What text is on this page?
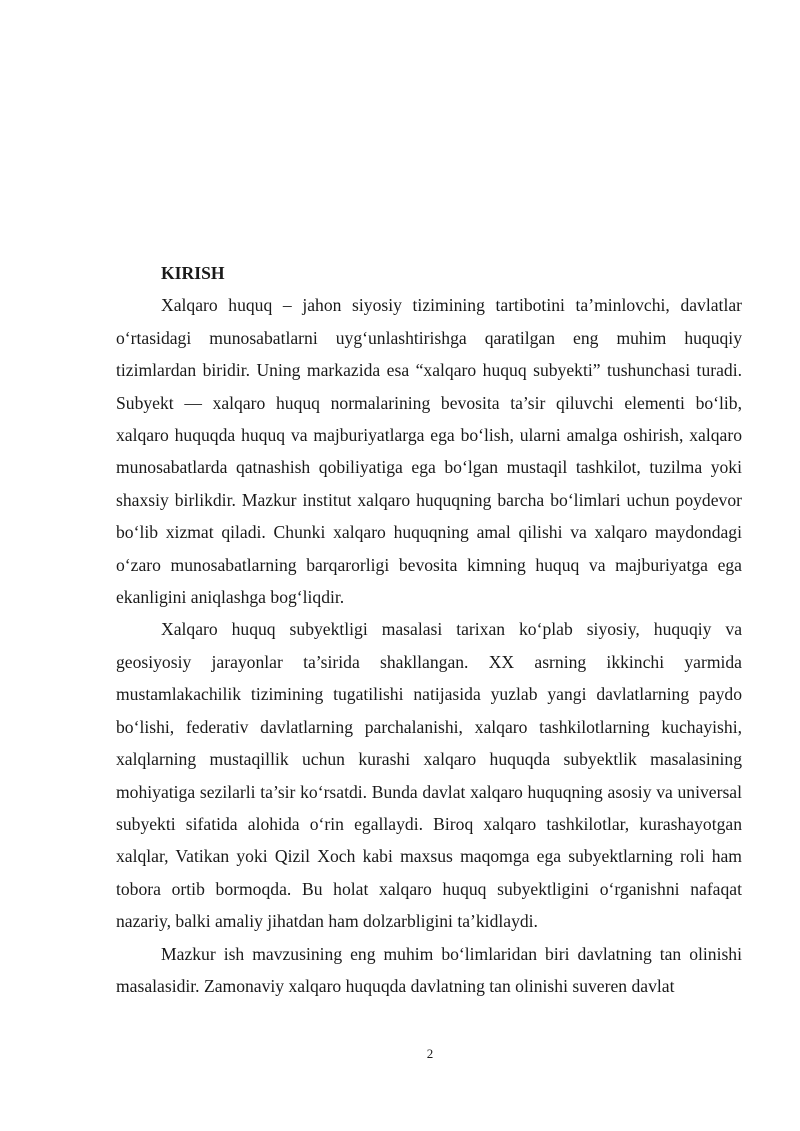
KIRISH

Xalqaro huquq – jahon siyosiy tizimining tartibotini ta’minlovchi, davlatlar o‘rtasidagi munosabatlarni uyg‘unlashtirishga qaratilgan eng muhim huquqiy tizimlardan biridir. Uning markazida esa “xalqaro huquq subyekti” tushunchasi turadi. Subyekt — xalqaro huquq normalarining bevosita ta’sir qiluvchi elementi bo‘lib, xalqaro huquqda huquq va majburiyatlarga ega bo‘lish, ularni amalga oshirish, xalqaro munosabatlarda qatnashish qobiliyatiga ega bo‘lgan mustaqil tashkilot, tuzilma yoki shaxsiy birlikdir. Mazkur institut xalqaro huquqning barcha bo‘limlari uchun poydevor bo‘lib xizmat qiladi. Chunki xalqaro huquqning amal qilishi va xalqaro maydondagi o‘zaro munosabatlarning barqarorligi bevosita kimning huquq va majburiyatga ega ekanligini aniqlashga bog‘liqdir.

Xalqaro huquq subyektligi masalasi tarixan ko‘plab siyosiy, huquqiy va geosiyosiy jarayonlar ta’sirida shakllangan. XX asrning ikkinchi yarmida mustamlakachilik tizimining tugatilishi natijasida yuzlab yangi davlatlarning paydo bo‘lishi, federativ davlatlarning parchalanishi, xalqaro tashkilotlarning kuchayishi, xalqlarning mustaqillik uchun kurashi xalqaro huquqda subyektlik masalasining mohiyatiga sezilarli ta’sir ko‘rsatdi. Bunda davlat xalqaro huquqning asosiy va universal subyekti sifatida alohida o‘rin egallaydi. Biroq xalqaro tashkilotlar, kurashayotgan xalqlar, Vatikan yoki Qizil Xoch kabi maxsus maqomga ega subyektlarning roli ham tobora ortib bormoqda. Bu holat xalqaro huquq subyektligini o‘rganishni nafaqat nazariy, balki amaliy jihatdan ham dolzarbligini ta’kidlaydi.

Mazkur ish mavzusining eng muhim bo‘limlaridan biri davlatning tan olinishi masalasidir. Zamonaviy xalqaro huquqda davlatning tan olinishi suveren davlat

2
